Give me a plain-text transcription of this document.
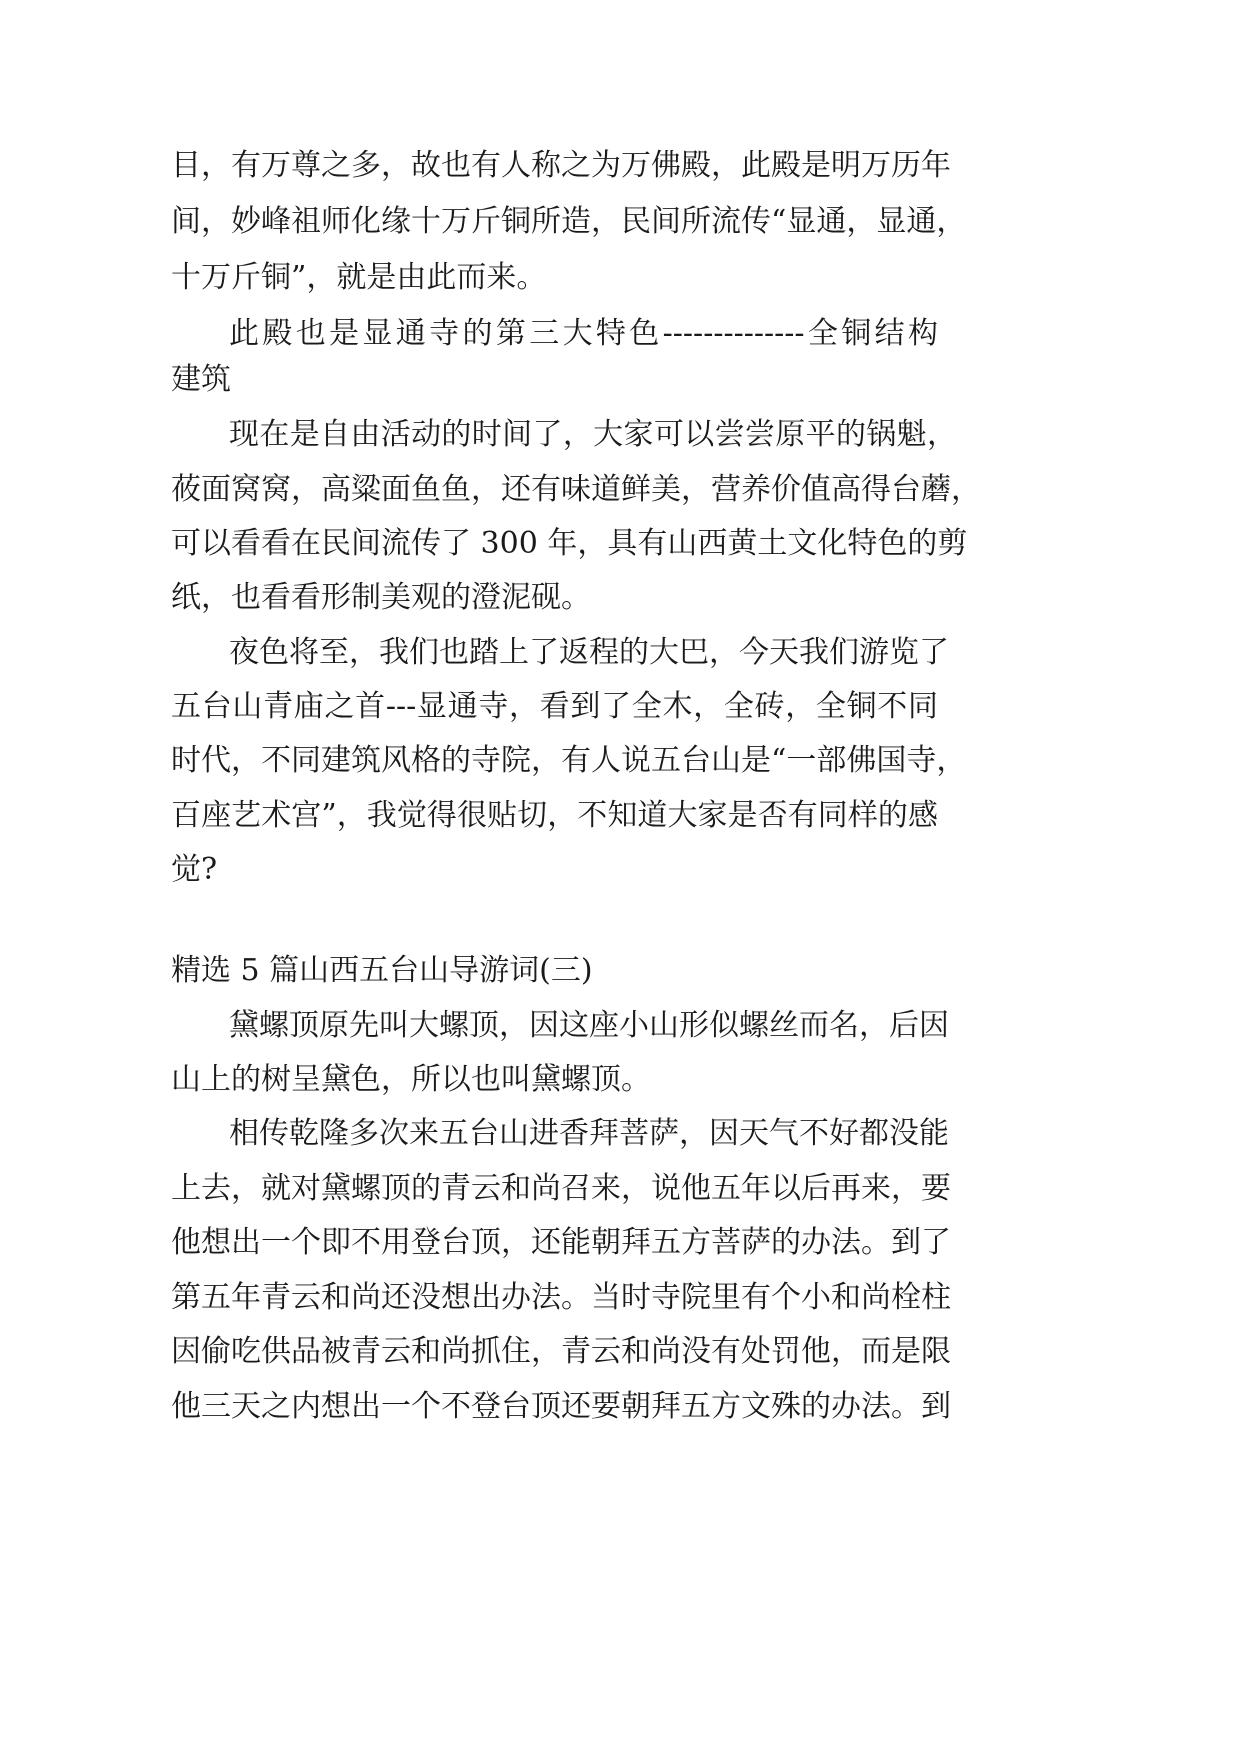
目，有万尊之多，故也有人称之为万佛殿，此殿是明万历年
间，妙峰祖师化缘十万斤铜所造，民间所流传“显通，显通，
十万斤铜”，就是由此而来。
此殿也是显通寺的第三大特色--------------全铜结构
建筑
现在是自由活动的时间了，大家可以尝尝原平的锅魁，
莜面窝窝，高粱面鱼鱼，还有味道鲜美，营养价值高得台蘑，
可以看看在民间流传了 300 年，具有山西黄土文化特色的剪
纸，也看看形制美观的澄泥砚。
夜色将至，我们也踏上了返程的大巴，今天我们游览了
五台山青庙之首---显通寺，看到了全木，全砖，全铜不同
时代，不同建筑风格的寺院，有人说五台山是“一部佛国寺，
百座艺术宫”，我觉得很贴切，不知道大家是否有同样的感
觉?
精选 5 篇山西五台山导游词(三)
黛螺顶原先叫大螺顶，因这座小山形似螺丝而名，后因
山上的树呈黛色，所以也叫黛螺顶。
相传乾隆多次来五台山进香拜菩萨，因天气不好都没能
上去，就对黛螺顶的青云和尚召来，说他五年以后再来，要
他想出一个即不用登台顶，还能朝拜五方菩萨的办法。到了
第五年青云和尚还没想出办法。当时寺院里有个小和尚栓柱
因偷吃供品被青云和尚抓住，青云和尚没有处罚他，而是限
他三天之内想出一个不登台顶还要朝拜五方文殊的办法。到
